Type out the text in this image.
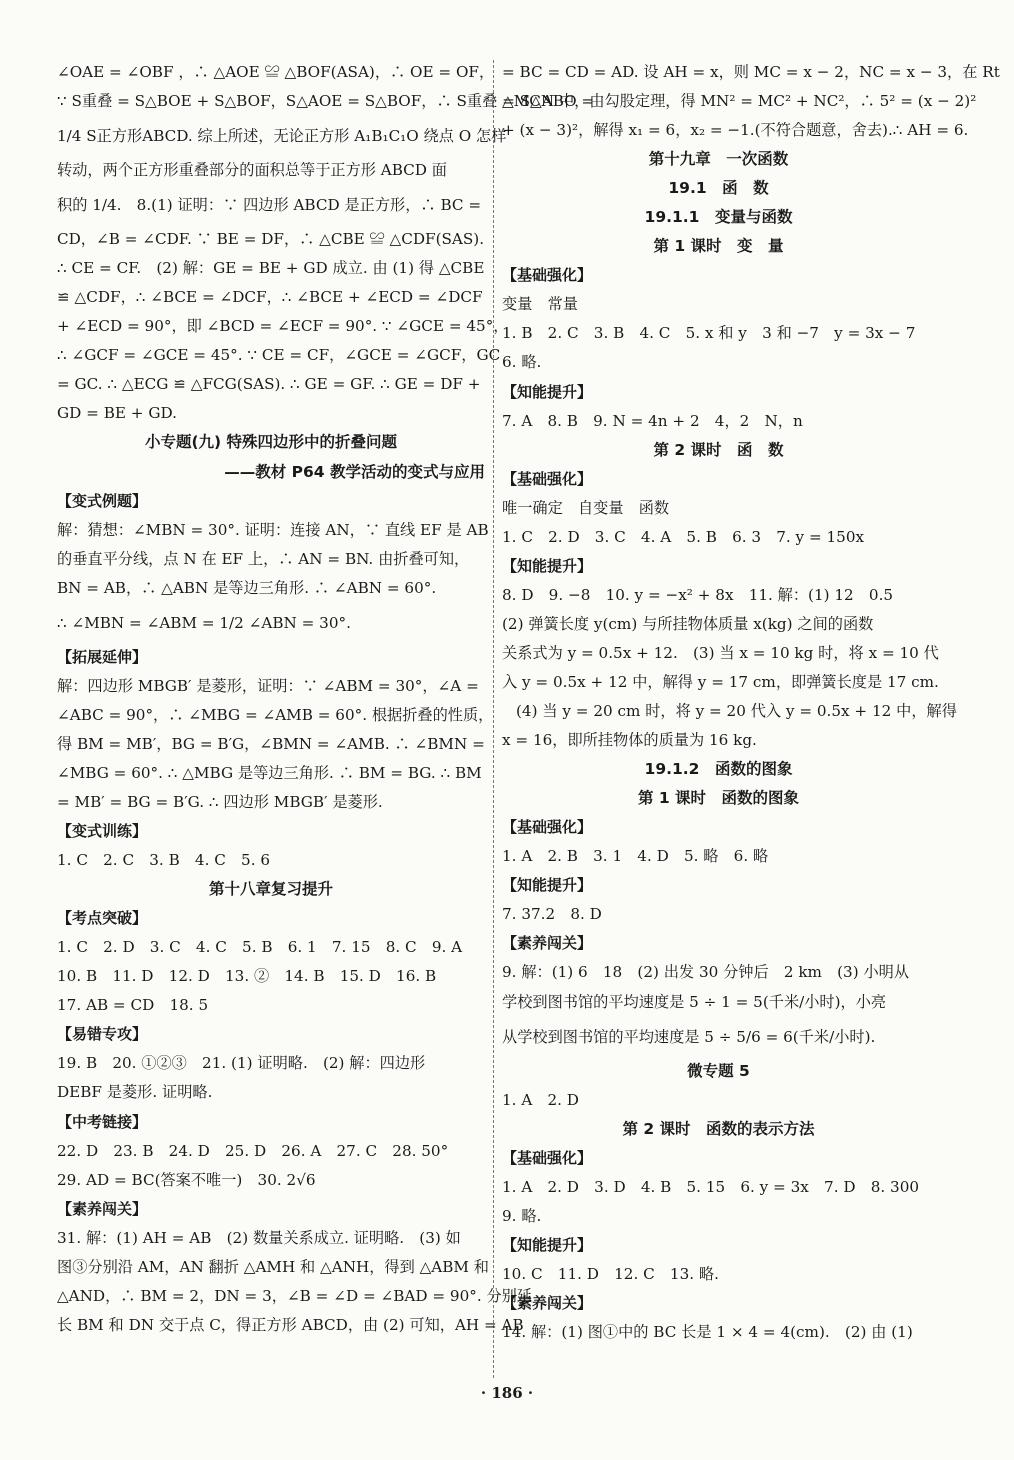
∠OAE = ∠OBF ，∴ △AOE ≌ △BOF(ASA)，∴ OE = OF，
∵ S重叠 = S△BOE + S△BOF，S△AOE = S△BOF，∴ S重叠 = S△ABO =
1/4 S正方形ABCD. 综上所述，无论正方形 A₁B₁C₁O 绕点 O 怎样
转动，两个正方形重叠部分的面积总等于正方形 ABCD 面
积的 1/4.　8.(1) 证明：∵ 四边形 ABCD 是正方形，∴ BC =
CD，∠B = ∠CDF. ∵ BE = DF，∴ △CBE ≌ △CDF(SAS).
∴ CE = CF.　(2) 解：GE = BE + GD 成立. 由 (1) 得 △CBE
≌ △CDF，∴ ∠BCE = ∠DCF，∴ ∠BCE + ∠ECD = ∠DCF
+ ∠ECD = 90°，即 ∠BCD = ∠ECF = 90°. ∵ ∠GCE = 45°，
∴ ∠GCF = ∠GCE = 45°. ∵ CE = CF，∠GCE = ∠GCF，GC
= GC. ∴ △ECG ≌ △FCG(SAS). ∴ GE = GF. ∴ GE = DF +
GD = BE + GD.
小专题(九) 特殊四边形中的折叠问题
——教材 P64 教学活动的变式与应用
【变式例题】
解：猜想：∠MBN = 30°. 证明：连接 AN，∵ 直线 EF 是 AB
的垂直平分线，点 N 在 EF 上，∴ AN = BN. 由折叠可知，
BN = AB，∴ △ABN 是等边三角形. ∴ ∠ABN = 60°.
∴ ∠MBN = ∠ABM = 1/2 ∠ABN = 30°.
【拓展延伸】
解：四边形 MBGB′ 是菱形，证明：∵ ∠ABM = 30°，∠A =
∠ABC = 90°，∴ ∠MBG = ∠AMB = 60°. 根据折叠的性质，
得 BM = MB′，BG = B′G，∠BMN = ∠AMB. ∴ ∠BMN =
∠MBG = 60°. ∴ △MBG 是等边三角形. ∴ BM = BG. ∴ BM
= MB′ = BG = B′G. ∴ 四边形 MBGB′ 是菱形.
【变式训练】
1. C　2. C　3. B　4. C　5. 6
第十八章复习提升
【考点突破】
1. C　2. D　3. C　4. C　5. B　6. 1　7. 15　8. C　9. A
10. B　11. D　12. D　13. ②　14. B　15. D　16. B
17. AB = CD　18. 5
【易错专攻】
19. B　20. ①②③　21. (1) 证明略.　(2) 解：四边形
DEBF 是菱形. 证明略.
【中考链接】
22. D　23. B　24. D　25. D　26. A　27. C　28. 50°
29. AD = BC(答案不唯一)　30. 2√6
【素养闯关】
31. 解：(1) AH = AB　(2) 数量关系成立. 证明略.　(3) 如
图③分别沿 AM，AN 翻折 △AMH 和 △ANH，得到 △ABM 和
△AND，∴ BM = 2，DN = 3，∠B = ∠D = ∠BAD = 90°. 分别延
长 BM 和 DN 交于点 C，得正方形 ABCD，由 (2) 可知，AH = AB
= BC = CD = AD. 设 AH = x，则 MC = x − 2，NC = x − 3，在 Rt
△MCN 中，由勾股定理，得 MN² = MC² + NC²，∴ 5² = (x − 2)²
+ (x − 3)²，解得 x₁ = 6，x₂ = −1.(不符合题意，舍去).∴ AH = 6.
第十九章　一次函数
19.1　函　数
19.1.1　变量与函数
第 1 课时　变　量
【基础强化】
变量　常量
1. B　2. C　3. B　4. C　5. x 和 y　3 和 −7　y = 3x − 7
6. 略.
【知能提升】
7. A　8. B　9. N = 4n + 2　4，2　N，n
第 2 课时　函　数
【基础强化】
唯一确定　自变量　函数
1. C　2. D　3. C　4. A　5. B　6. 3　7. y = 150x
【知能提升】
8. D　9. −8　10. y = −x² + 8x　11. 解：(1) 12　0.5
(2) 弹簧长度 y(cm) 与所挂物体质量 x(kg) 之间的函数
关系式为 y = 0.5x + 12.　(3) 当 x = 10 kg 时，将 x = 10 代
入 y = 0.5x + 12 中，解得 y = 17 cm，即弹簧长度是 17 cm.
(4) 当 y = 20 cm 时，将 y = 20 代入 y = 0.5x + 12 中，解得
x = 16，即所挂物体的质量为 16 kg.
19.1.2　函数的图象
第 1 课时　函数的图象
【基础强化】
1. A　2. B　3. 1　4. D　5. 略　6. 略
【知能提升】
7. 37.2　8. D
【素养闯关】
9. 解：(1) 6　18　(2) 出发 30 分钟后　2 km　(3) 小明从
学校到图书馆的平均速度是 5 ÷ 1 = 5(千米/小时)，小亮
从学校到图书馆的平均速度是 5 ÷ 5/6 = 6(千米/小时).
微专题 5
1. A　2. D
第 2 课时　函数的表示方法
【基础强化】
1. A　2. D　3. D　4. B　5. 15　6. y = 3x　7. D　8. 300
9. 略.
【知能提升】
10. C　11. D　12. C　13. 略.
【素养闯关】
14. 解：(1) 图①中的 BC 长是 1 × 4 = 4(cm).　(2) 由 (1)
· 186 ·
